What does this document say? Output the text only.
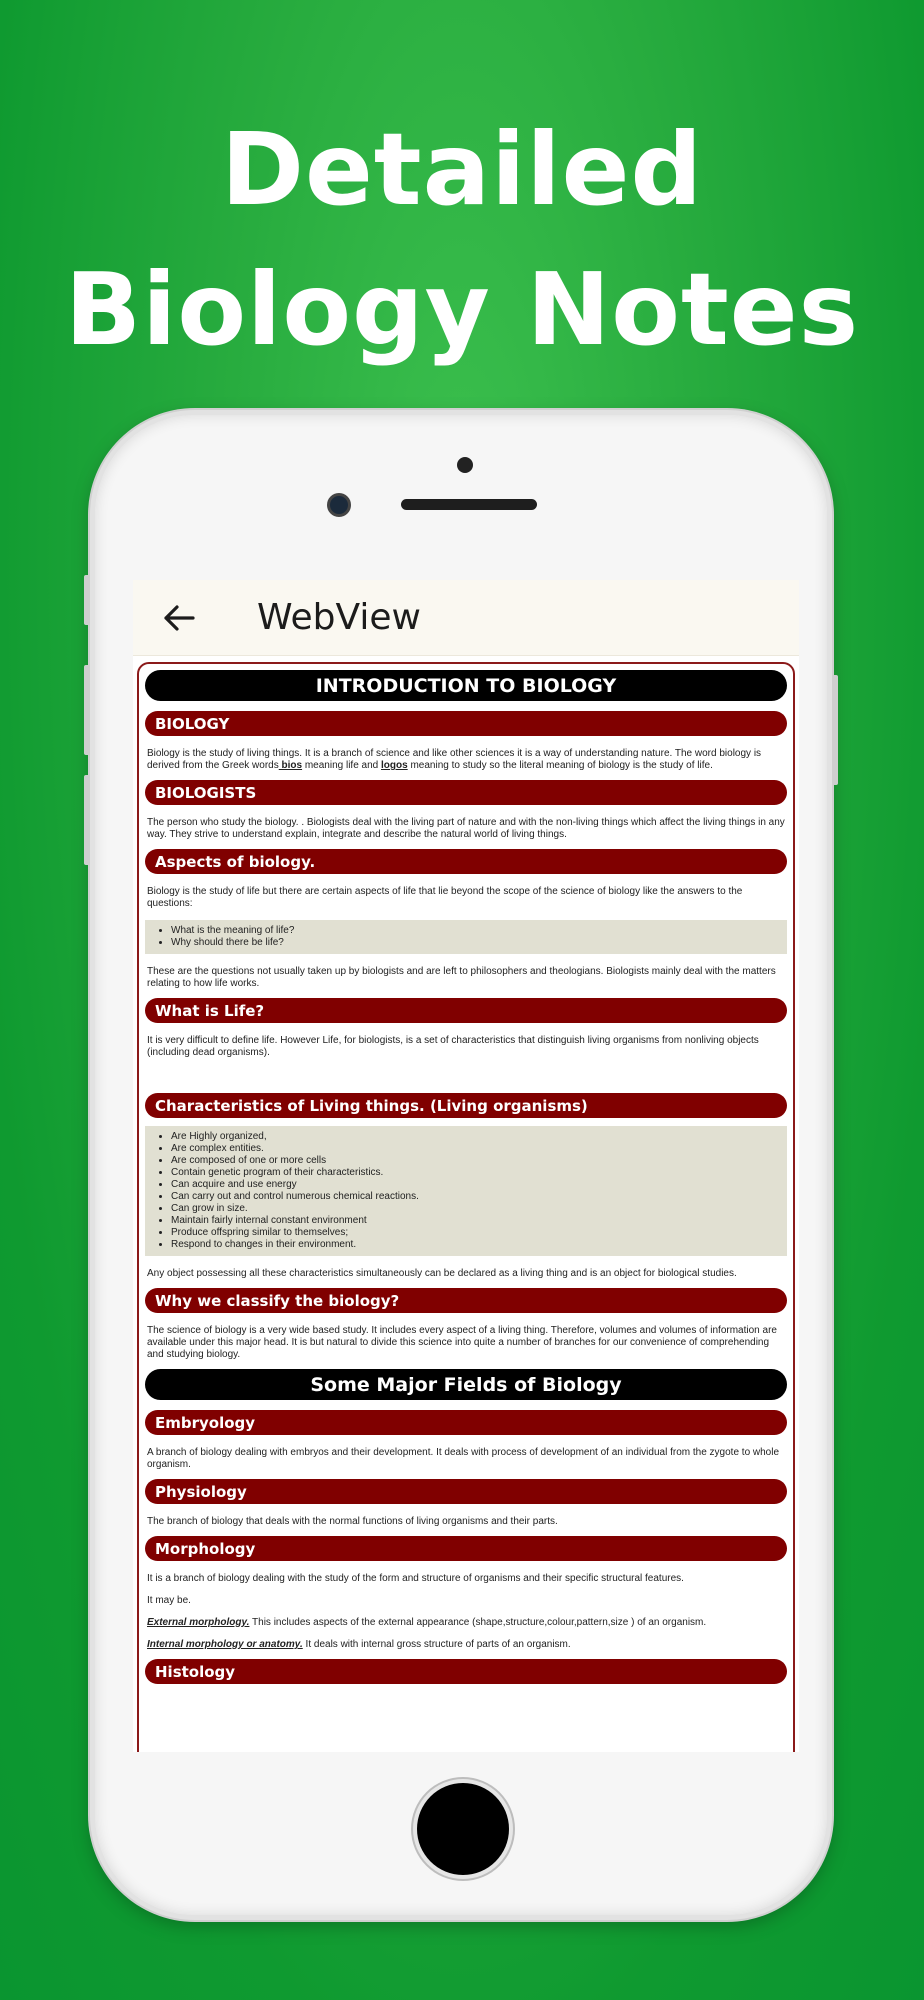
Detailed
Biology Notes
WebView
INTRODUCTION TO BIOLOGY
BIOLOGY

Biology is the study of living things. It is a branch of science and like other sciences it is a way of understanding nature. The word biology is derived from the Greek words bios meaning life and logos meaning to study so the literal meaning of biology is the study of life.

BIOLOGISTS

The person who study the biology. . Biologists deal with the living part of nature and with the non-living things which affect the living things in any way. They strive to understand explain, integrate and describe the natural world of living things.

Aspects of biology.

Biology is the study of life but there are certain aspects of life that lie beyond the scope of the science of biology like the answers to the questions:

• What is the meaning of life?
• Why should there be life?

These are the questions not usually taken up by biologists and are left to philosophers and theologians. Biologists mainly deal with the matters relating to how life works.

What is Life?

It is very difficult to define life. However Life, for biologists, is a set of characteristics that distinguish living organisms from nonliving objects (including dead organisms).

Characteristics of Living things. (Living organisms)
• Are Highly organized,
• Are complex entities.
• Are composed of one or more cells
• Contain genetic program of their characteristics.
• Can acquire and use energy
• Can carry out and control numerous chemical reactions.
• Can grow in size.
• Maintain fairly internal constant environment
• Produce offspring similar to themselves;
• Respond to changes in their environment.

Any object possessing all these characteristics simultaneously can be declared as a living thing and is an object for biological studies.

Why we classify the biology?

The science of biology is a very wide based study. It includes every aspect of a living thing. Therefore, volumes and volumes of information are available under this major head. It is but natural to divide this science into quite a number of branches for our convenience of comprehending and studying biology.

Some Major Fields of Biology
Embryology

A branch of biology dealing with embryos and their development. It deals with process of development of an individual from the zygote to whole organism.

Physiology

The branch of biology that deals with the normal functions of living organisms and their parts.

Morphology

It is a branch of biology dealing with the study of the form and structure of organisms and their specific structural features.

It may be.

External morphology. This includes aspects of the external appearance (shape,structure,colour,pattern,size ) of an organism.

Internal morphology or anatomy. It deals with internal gross structure of parts of an organism.

Histology
